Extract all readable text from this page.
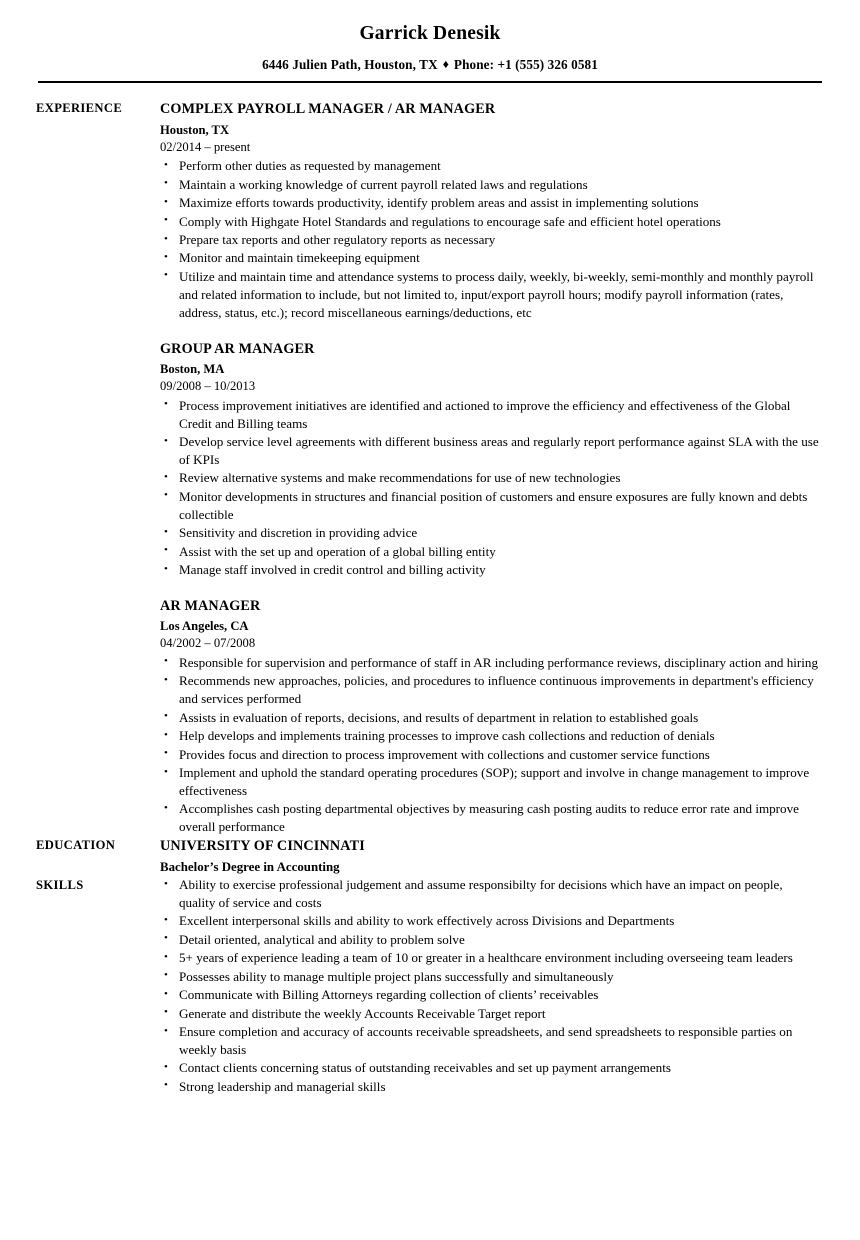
Garrick Denesik

6446 Julien Path, Houston, TX ♦ Phone: +1 (555) 326 0581

EXPERIENCE	COMPLEX PAYROLL MANAGER / AR MANAGER
Houston, TX
02/2014 – present
• Perform other duties as requested by management
• Maintain a working knowledge of current payroll related laws and regulations
• Maximize efforts towards productivity, identify problem areas and assist in implementing solutions
• Comply with Highgate Hotel Standards and regulations to encourage safe and efficient hotel operations
• Prepare tax reports and other regulatory reports as necessary
• Monitor and maintain timekeeping equipment
• Utilize and maintain time and attendance systems to process daily, weekly, bi-weekly, semi-monthly and monthly payroll and related information to include, but not limited to, input/export payroll hours; modify payroll information (rates, address, status, etc.); record miscellaneous earnings/deductions, etc
GROUP AR MANAGER
Boston, MA
09/2008 – 10/2013
• Process improvement initiatives are identified and actioned to improve the efficiency and effectiveness of the Global Credit and Billing teams
• Develop service level agreements with different business areas and regularly report performance against SLA with the use of KPIs
• Review alternative systems and make recommendations for use of new technologies
• Monitor developments in structures and financial position of customers and ensure exposures are fully known and debts collectible
• Sensitivity and discretion in providing advice
• Assist with the set up and operation of a global billing entity
• Manage staff involved in credit control and billing activity
AR MANAGER
Los Angeles, CA
04/2002 – 07/2008
• Responsible for supervision and performance of staff in AR including performance reviews, disciplinary action and hiring
• Recommends new approaches, policies, and procedures to influence continuous improvements in department's efficiency and services performed
• Assists in evaluation of reports, decisions, and results of department in relation to established goals
• Help develops and implements training processes to improve cash collections and reduction of denials
• Provides focus and direction to process improvement with collections and customer service functions
• Implement and uphold the standard operating procedures (SOP); support and involve in change management to improve effectiveness
• Accomplishes cash posting departmental objectives by measuring cash posting audits to reduce error rate and improve overall performance
EDUCATION	UNIVERSITY OF CINCINNATI
Bachelor’s Degree in Accounting
SKILLS	• Ability to exercise professional judgement and assume responsibilty for decisions which have an impact on people, quality of service and costs
• Excellent interpersonal skills and ability to work effectively across Divisions and Departments
• Detail oriented, analytical and ability to problem solve
• 5+ years of experience leading a team of 10 or greater in a healthcare environment including overseeing team leaders
• Possesses ability to manage multiple project plans successfully and simultaneously
• Communicate with Billing Attorneys regarding collection of clients’ receivables
• Generate and distribute the weekly Accounts Receivable Target report
• Ensure completion and accuracy of accounts receivable spreadsheets, and send spreadsheets to responsible parties on weekly basis
• Contact clients concerning status of outstanding receivables and set up payment arrangements
• Strong leadership and managerial skills
